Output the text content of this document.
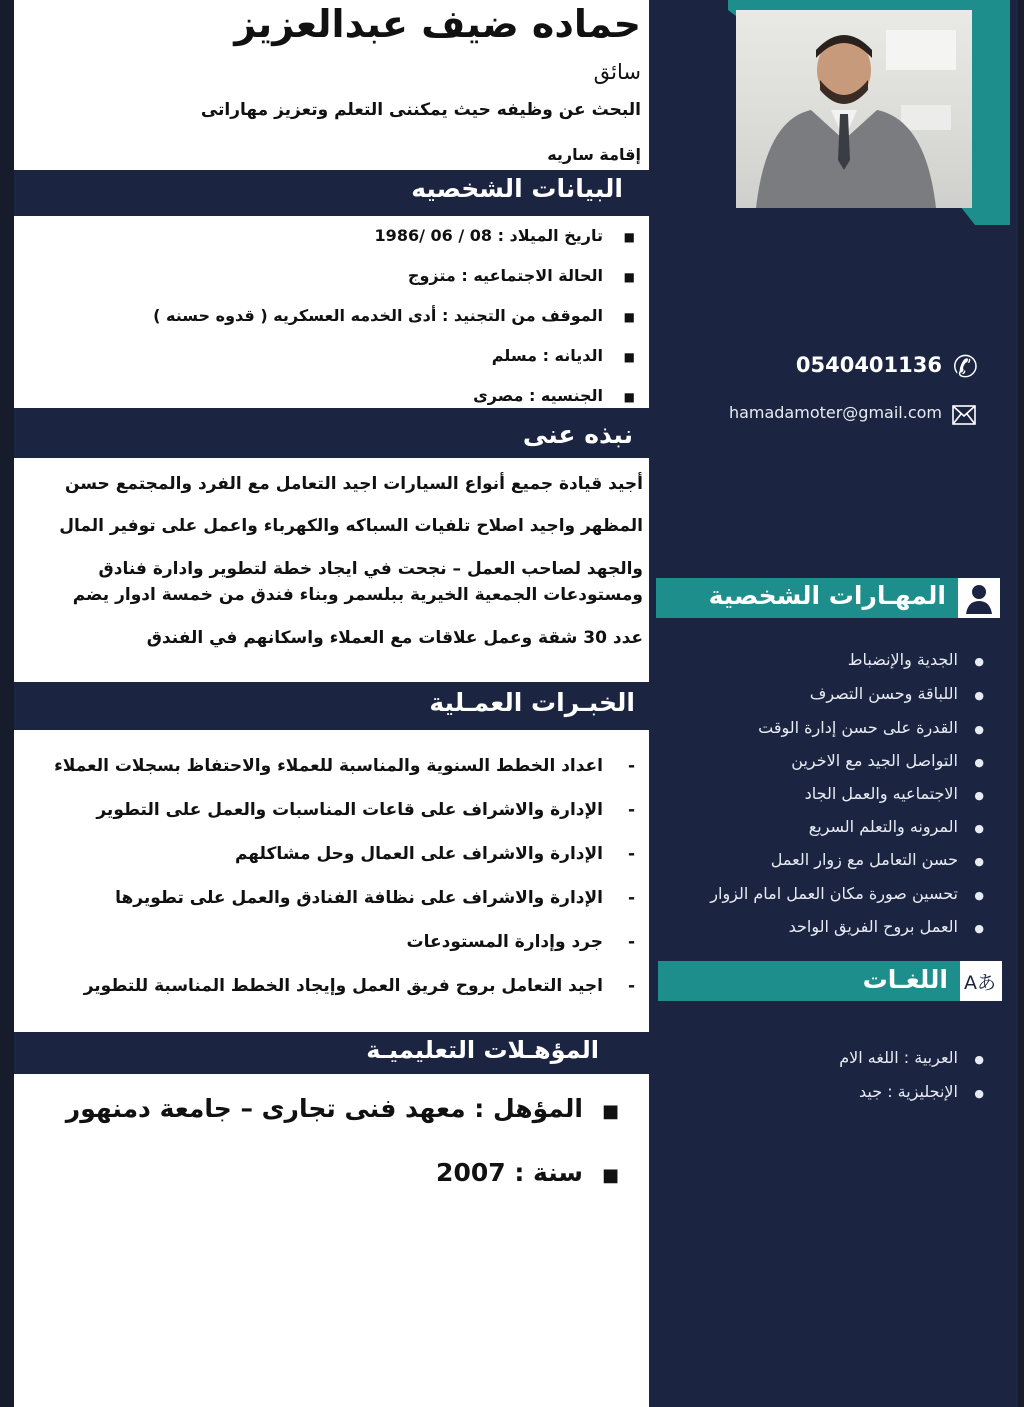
حماده ضيف عبدالعزيز
سائق
البحث عن وظيفه حيث يمكننى التعلم وتعزيز مهاراتى
إقامة ساريه
البيانات الشخصيه
■تاريخ الميلاد : 08 / 06 /1986
■الحالة الاجتماعيه : متزوج
■الموقف من التجنيد : أدى الخدمه العسكريه ( قدوه حسنه )
■الديانه : مسلم
■الجنسيه : مصرى
نبذه عنى

أجيد قيادة جميع أنواع السيارات اجيد التعامل مع الفرد والمجتمع حسن

المظهر واجيد اصلاح تلفيات السباكه والكهرباء واعمل على توفير المال

والجهد لصاحب العمل – نجحت في ايجاد خطة لتطوير وادارة فنادق

ومستودعات الجمعية الخيرية ببلسمر وبناء فندق من خمسة ادوار يضم

عدد 30 شقة وعمل علاقات مع العملاء واسكانهم في الفندق

الخبـرات العمـلية
-اعداد الخطط السنوية والمناسبة للعملاء والاحتفاظ بسجلات العملاء
-الإدارة والاشراف على قاعات المناسبات والعمل على التطوير
-الإدارة والاشراف على العمال وحل مشاكلهم
-الإدارة والاشراف على نظافة الفنادق والعمل على تطويرها
-جرد وإدارة المستودعات
-اجيد التعامل بروح فريق العمل وإيجاد الخطط المناسبة للتطوير
المؤهـلات التعليميـة
■المؤهل : معهد فنى تجارى – جامعة دمنهور
■سنة : 2007
✆
0540401136
hamadamoter@gmail.com
المهـارات الشخصية
●الجدية والإنضباط
●اللباقة وحسن التصرف
●القدرة على حسن إدارة الوقت
●التواصل الجيد مع الاخرين
●الاجتماعيه والعمل الجاد
●المرونه والتعلم السريع
●حسن التعامل مع زوار العمل
●تحسين صورة مكان العمل امام الزوار
●العمل بروح الفريق الواحد
اللغـات Aあ
●العربية : اللغه الام
●الإنجليزية : جيد
